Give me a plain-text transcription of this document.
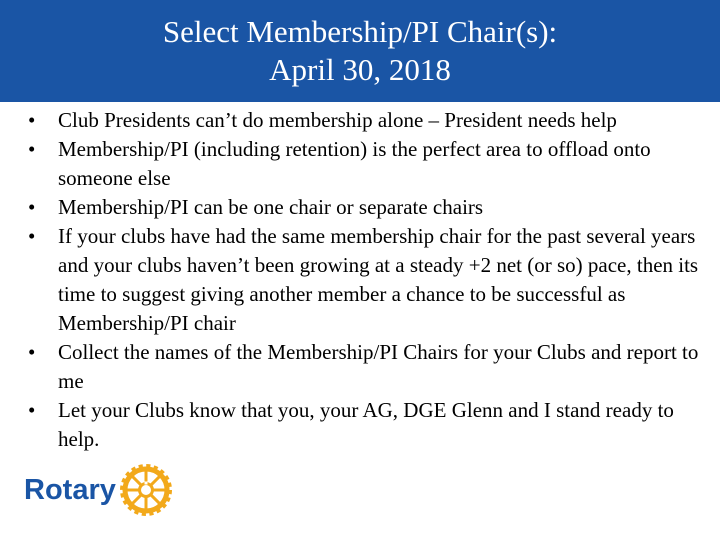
Select Membership/PI Chair(s):
April 30, 2018
•	Club Presidents can’t do membership alone – President needs help
•	Membership/PI (including retention) is the perfect area to offload onto someone else
•	Membership/PI can be one chair or separate chairs
•	If your clubs have had the same membership chair for the past several years and your clubs haven’t been growing at a steady +2 net (or so) pace, then its time to suggest giving another member a chance to be successful as Membership/PI chair
•	Collect the names of the Membership/PI Chairs for your Clubs and report to me
•	Let your Clubs know that you, your AG, DGE Glenn and I stand ready to help.
Rotary
